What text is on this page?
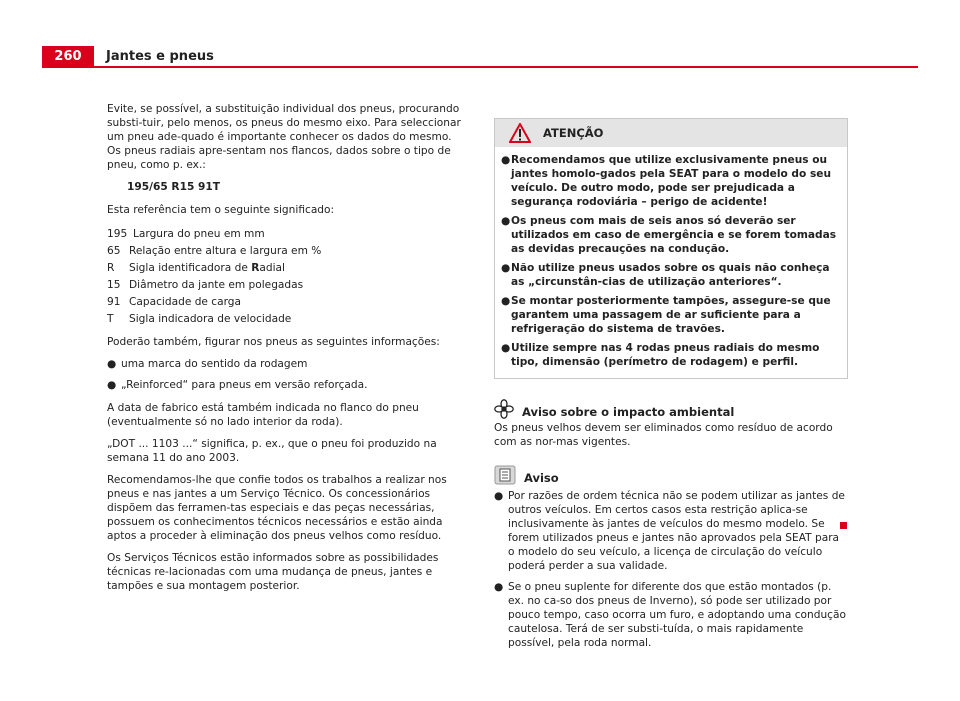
260	Jantes e pneus

Evite, se possível, a substituição individual dos pneus, procurando substi-tuir, pelo menos, os pneus do mesmo eixo. Para seleccionar um pneu ade-quado é importante conhecer os dados do mesmo. Os pneus radiais apre-sentam nos flancos, dados sobre o tipo de pneu, como p. ex.:

195/65 R15 91T

Esta referência tem o seguinte significado:

195 Largura do pneu em mm
65 Relação entre altura e largura em %
R	Sigla identificadora de Radial
15 Diâmetro da jante em polegadas
91 Capacidade de carga
T	Sigla indicadora de velocidade

Poderão também, figurar nos pneus as seguintes informações:

● uma marca do sentido da rodagem
● „Reinforced“ para pneus em versão reforçada.

A data de fabrico está também indicada no flanco do pneu (eventualmente só no lado interior da roda).

„DOT ... 1103 ...“ significa, p. ex., que o pneu foi produzido na semana 11 do ano 2003.

Recomendamos-lhe que confie todos os trabalhos a realizar nos pneus e nas jantes a um Serviço Técnico. Os concessionários dispõem das ferramen-tas especiais e das peças necessárias, possuem os conhecimentos técnicos necessários e estão ainda aptos a proceder à eliminação dos pneus velhos como resíduo.

Os Serviços Técnicos estão informados sobre as possibilidades técnicas re-lacionadas com uma mudança de pneus, jantes e tampões e sua montagem posterior.

ATENÇÃO
● Recomendamos que utilize exclusivamente pneus ou jantes homolo-gados pela SEAT para o modelo do seu veículo. De outro modo, pode ser prejudicada a segurança rodoviária – perigo de acidente!
● Os pneus com mais de seis anos só deverão ser utilizados em caso de emergência e se forem tomadas as devidas precauções na condução.
● Não utilize pneus usados sobre os quais não conheça as „circunstân-cias de utilização anteriores“.
● Se montar posteriormente tampões, assegure-se que garantem uma passagem de ar suficiente para a refrigeração do sistema de travões.
● Utilize sempre nas 4 rodas pneus radiais do mesmo tipo, dimensão (perímetro de rodagem) e perfil.
Aviso sobre o impacto ambiental

Os pneus velhos devem ser eliminados como resíduo de acordo com as nor-mas vigentes.

Aviso
● Por razões de ordem técnica não se podem utilizar as jantes de outros veículos. Em certos casos esta restrição aplica-se inclusivamente às jantes de veículos do mesmo modelo. Se forem utilizados pneus e jantes não aprovados pela SEAT para o modelo do seu veículo, a licença de circulação do veículo poderá perder a sua validade.
● Se o pneu suplente for diferente dos que estão montados (p. ex. no ca-so dos pneus de Inverno), só pode ser utilizado por pouco tempo, caso ocorra um furo, e adoptando uma condução cautelosa. Terá de ser substi-tuída, o mais rapidamente possível, pela roda normal.
